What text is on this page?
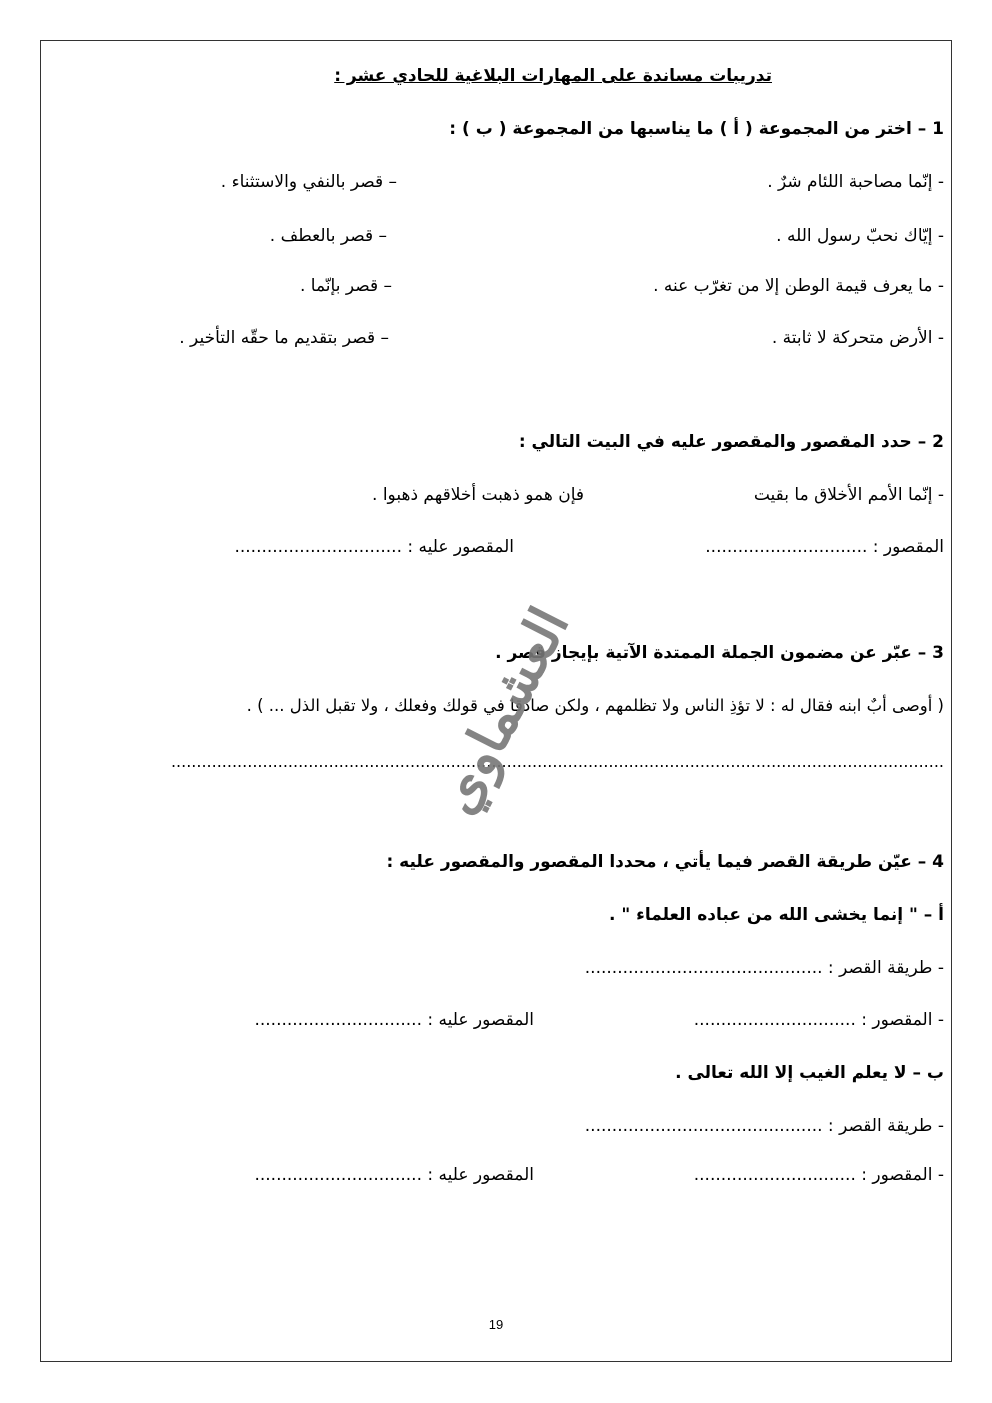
تدريبات مساندة على المهارات البلاغية للحادي عشر :
1 – اختر من المجموعة ( أ ) ما يناسبها من المجموعة ( ب ) :
- إنّما مصاحبة اللئام شرٌ .
– قصر بالنفي والاستثناء .
- إيّاك نحبّ رسول الله .
– قصر بالعطف .
- ما يعرف قيمة الوطن إلا من تغرّب عنه .
– قصر بإنّما .
- الأرض متحركة لا ثابتة .
– قصر بتقديم ما حقّه التأخير .
2 – حدد المقصور والمقصور عليه في البيت التالي :
- إنّما الأمم الأخلاق ما بقيت
فإن همو ذهبت أخلاقهم ذهبوا .
المقصور : ..............................
المقصور عليه : ...............................
3 – عبّر عن مضمون الجملة الممتدة الآتية بإيجاز قصر .
( أوصى أبٌ ابنه فقال له : لا تؤذِ الناس ولا تظلمهم ، ولكن صادقا في قولك وفعلك ، ولا تقبل الذل ... ) .
........................................................................................................................................................
4 – عيّن طريقة القصر فيما يأتي ، محددا المقصور والمقصور عليه :
أ – " إنما يخشى الله من عباده العلماء " .
- طريقة القصر : ............................................
- المقصور : ..............................
المقصور عليه : ...............................
ب – لا يعلم الغيب إلا الله تعالى .
- طريقة القصر : ............................................
- المقصور : ..............................
المقصور عليه : ...............................
العشماوي
19
